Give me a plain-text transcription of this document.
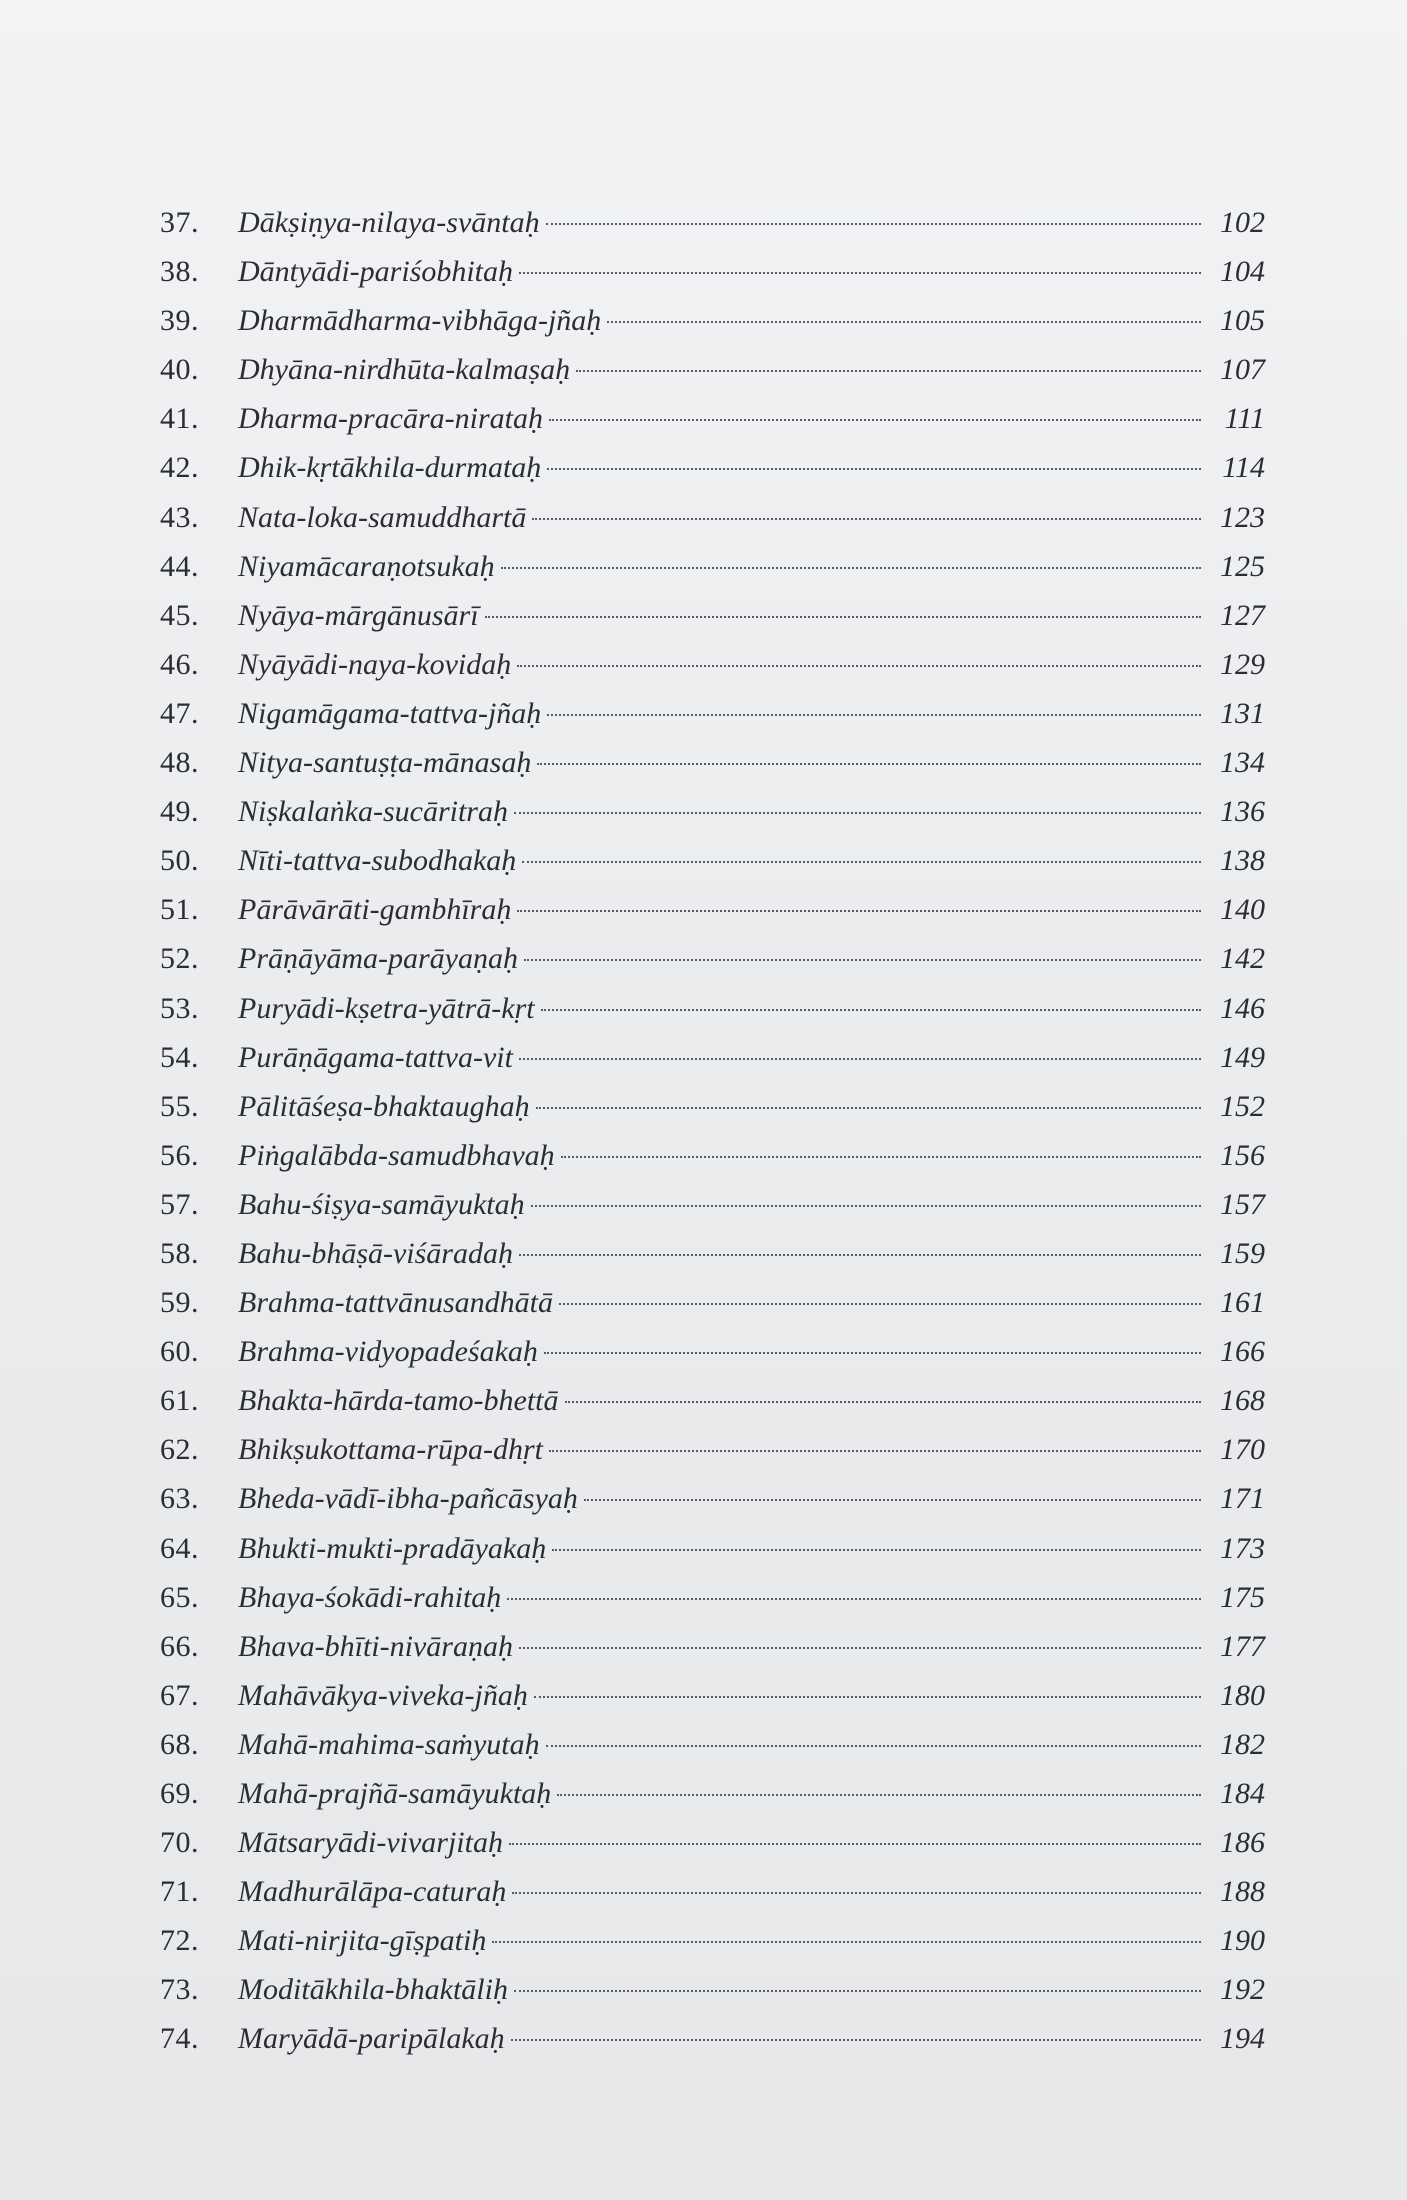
37.	Dākṣiṇya-nilaya-svāntaḥ	102
38.	Dāntyādi-pariśobhitaḥ	104
39.	Dharmādharma-vibhāga-jñaḥ	105
40.	Dhyāna-nirdhūta-kalmaṣaḥ	107
41.	Dharma-pracāra-nirataḥ	111
42.	Dhik-kṛtākhila-durmataḥ	114
43.	Nata-loka-samuddhartā	123
44.	Niyamācaraṇotsukaḥ	125
45.	Nyāya-mārgānusārī	127
46.	Nyāyādi-naya-kovidaḥ	129
47.	Nigamāgama-tattva-jñaḥ	131
48.	Nitya-santuṣṭa-mānasaḥ	134
49.	Niṣkalaṅka-sucāritraḥ	136
50.	Nīti-tattva-subodhakaḥ	138
51.	Pārāvārāti-gambhīraḥ	140
52.	Prāṇāyāma-parāyaṇaḥ	142
53.	Puryādi-kṣetra-yātrā-kṛt	146
54.	Purāṇāgama-tattva-vit	149
55.	Pālitāśeṣa-bhaktaughaḥ	152
56.	Piṅgalābda-samudbhavaḥ	156
57.	Bahu-śiṣya-samāyuktaḥ	157
58.	Bahu-bhāṣā-viśāradaḥ	159
59.	Brahma-tattvānusandhātā	161
60.	Brahma-vidyopadeśakaḥ	166
61.	Bhakta-hārda-tamo-bhettā	168
62.	Bhikṣukottama-rūpa-dhṛt	170
63.	Bheda-vādī-ibha-pañcāsyaḥ	171
64.	Bhukti-mukti-pradāyakaḥ	173
65.	Bhaya-śokādi-rahitaḥ	175
66.	Bhava-bhīti-nivāraṇaḥ	177
67.	Mahāvākya-viveka-jñaḥ	180
68.	Mahā-mahima-saṁyutaḥ	182
69.	Mahā-prajñā-samāyuktaḥ	184
70.	Mātsaryādi-vivarjitaḥ	186
71.	Madhurālāpa-caturaḥ	188
72.	Mati-nirjita-gīṣpatiḥ	190
73.	Moditākhila-bhaktāliḥ	192
74.	Maryādā-paripālakaḥ	194
